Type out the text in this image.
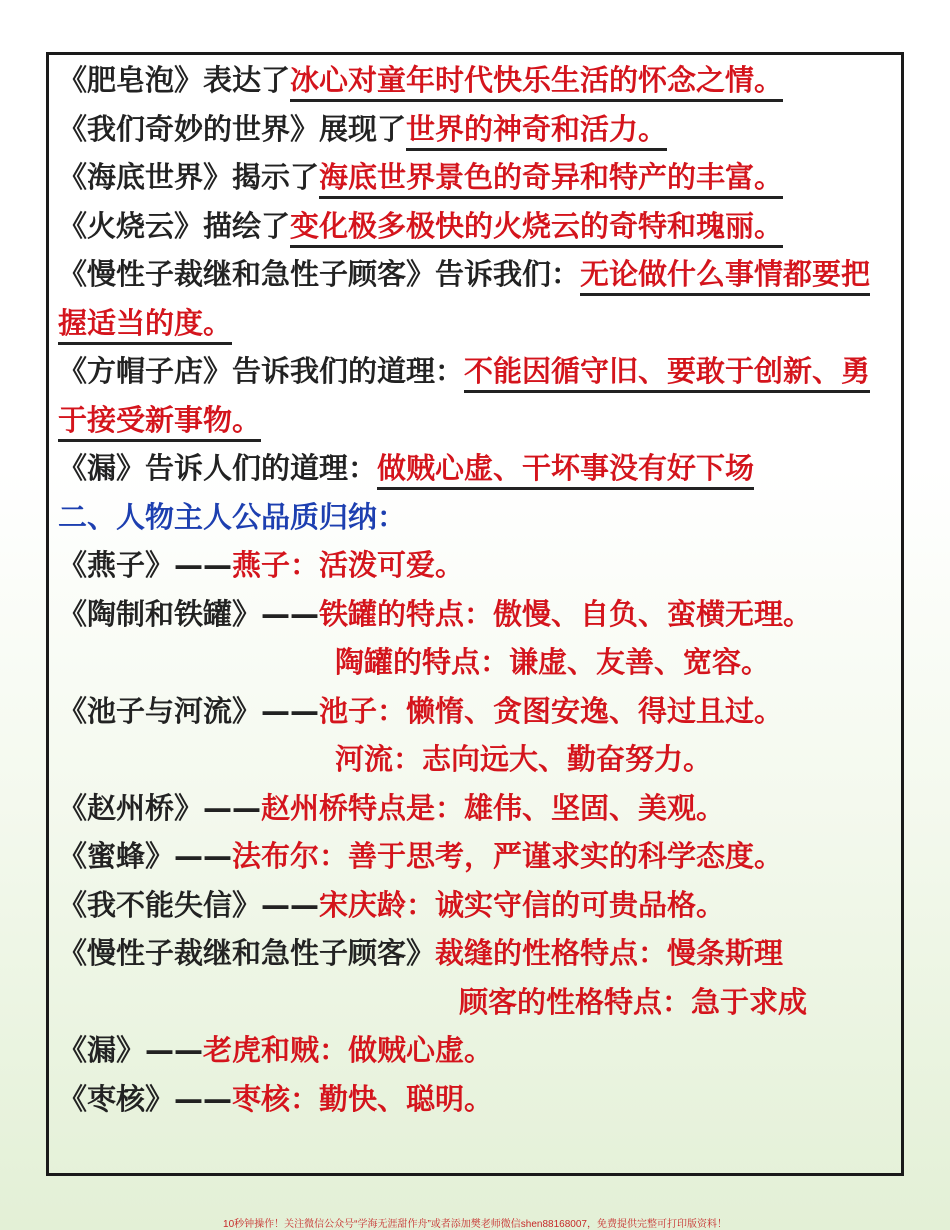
《肥皂泡》表达了冰心对童年时代快乐生活的怀念之情。
《我们奇妙的世界》展现了世界的神奇和活力。
《海底世界》揭示了海底世界景色的奇异和特产的丰富。
《火烧云》描绘了变化极多极快的火烧云的奇特和瑰丽。
《慢性子裁继和急性子顾客》告诉我们：无论做什么事情都要把握适当的度。
《方帽子店》告诉我们的道理：不能因循守旧、要敢于创新、勇于接受新事物。
《漏》告诉人们的道理：做贼心虚、干坏事没有好下场
二、人物主人公品质归纳：
《燕子》——燕子：活泼可爱。
《陶制和铁罐》——铁罐的特点：傲慢、自负、蛮横无理。
陶罐的特点：谦虚、友善、宽容。
《池子与河流》——池子：懒惰、贪图安逸、得过且过。
河流：志向远大、勤奋努力。
《赵州桥》——赵州桥特点是：雄伟、坚固、美观。
《蜜蜂》——法布尔：善于思考，严谨求实的科学态度。
《我不能失信》——宋庆龄：诚实守信的可贵品格。
《慢性子裁继和急性子顾客》裁缝的性格特点：慢条斯理
顾客的性格特点：急于求成
《漏》——老虎和贼：做贼心虚。
《枣核》——枣核：勤快、聪明。
10秒钟操作！关注微信公众号“学海无涯甜作舟”或者添加樊老师微信shen88168007，免费提供完整可打印版资料！
